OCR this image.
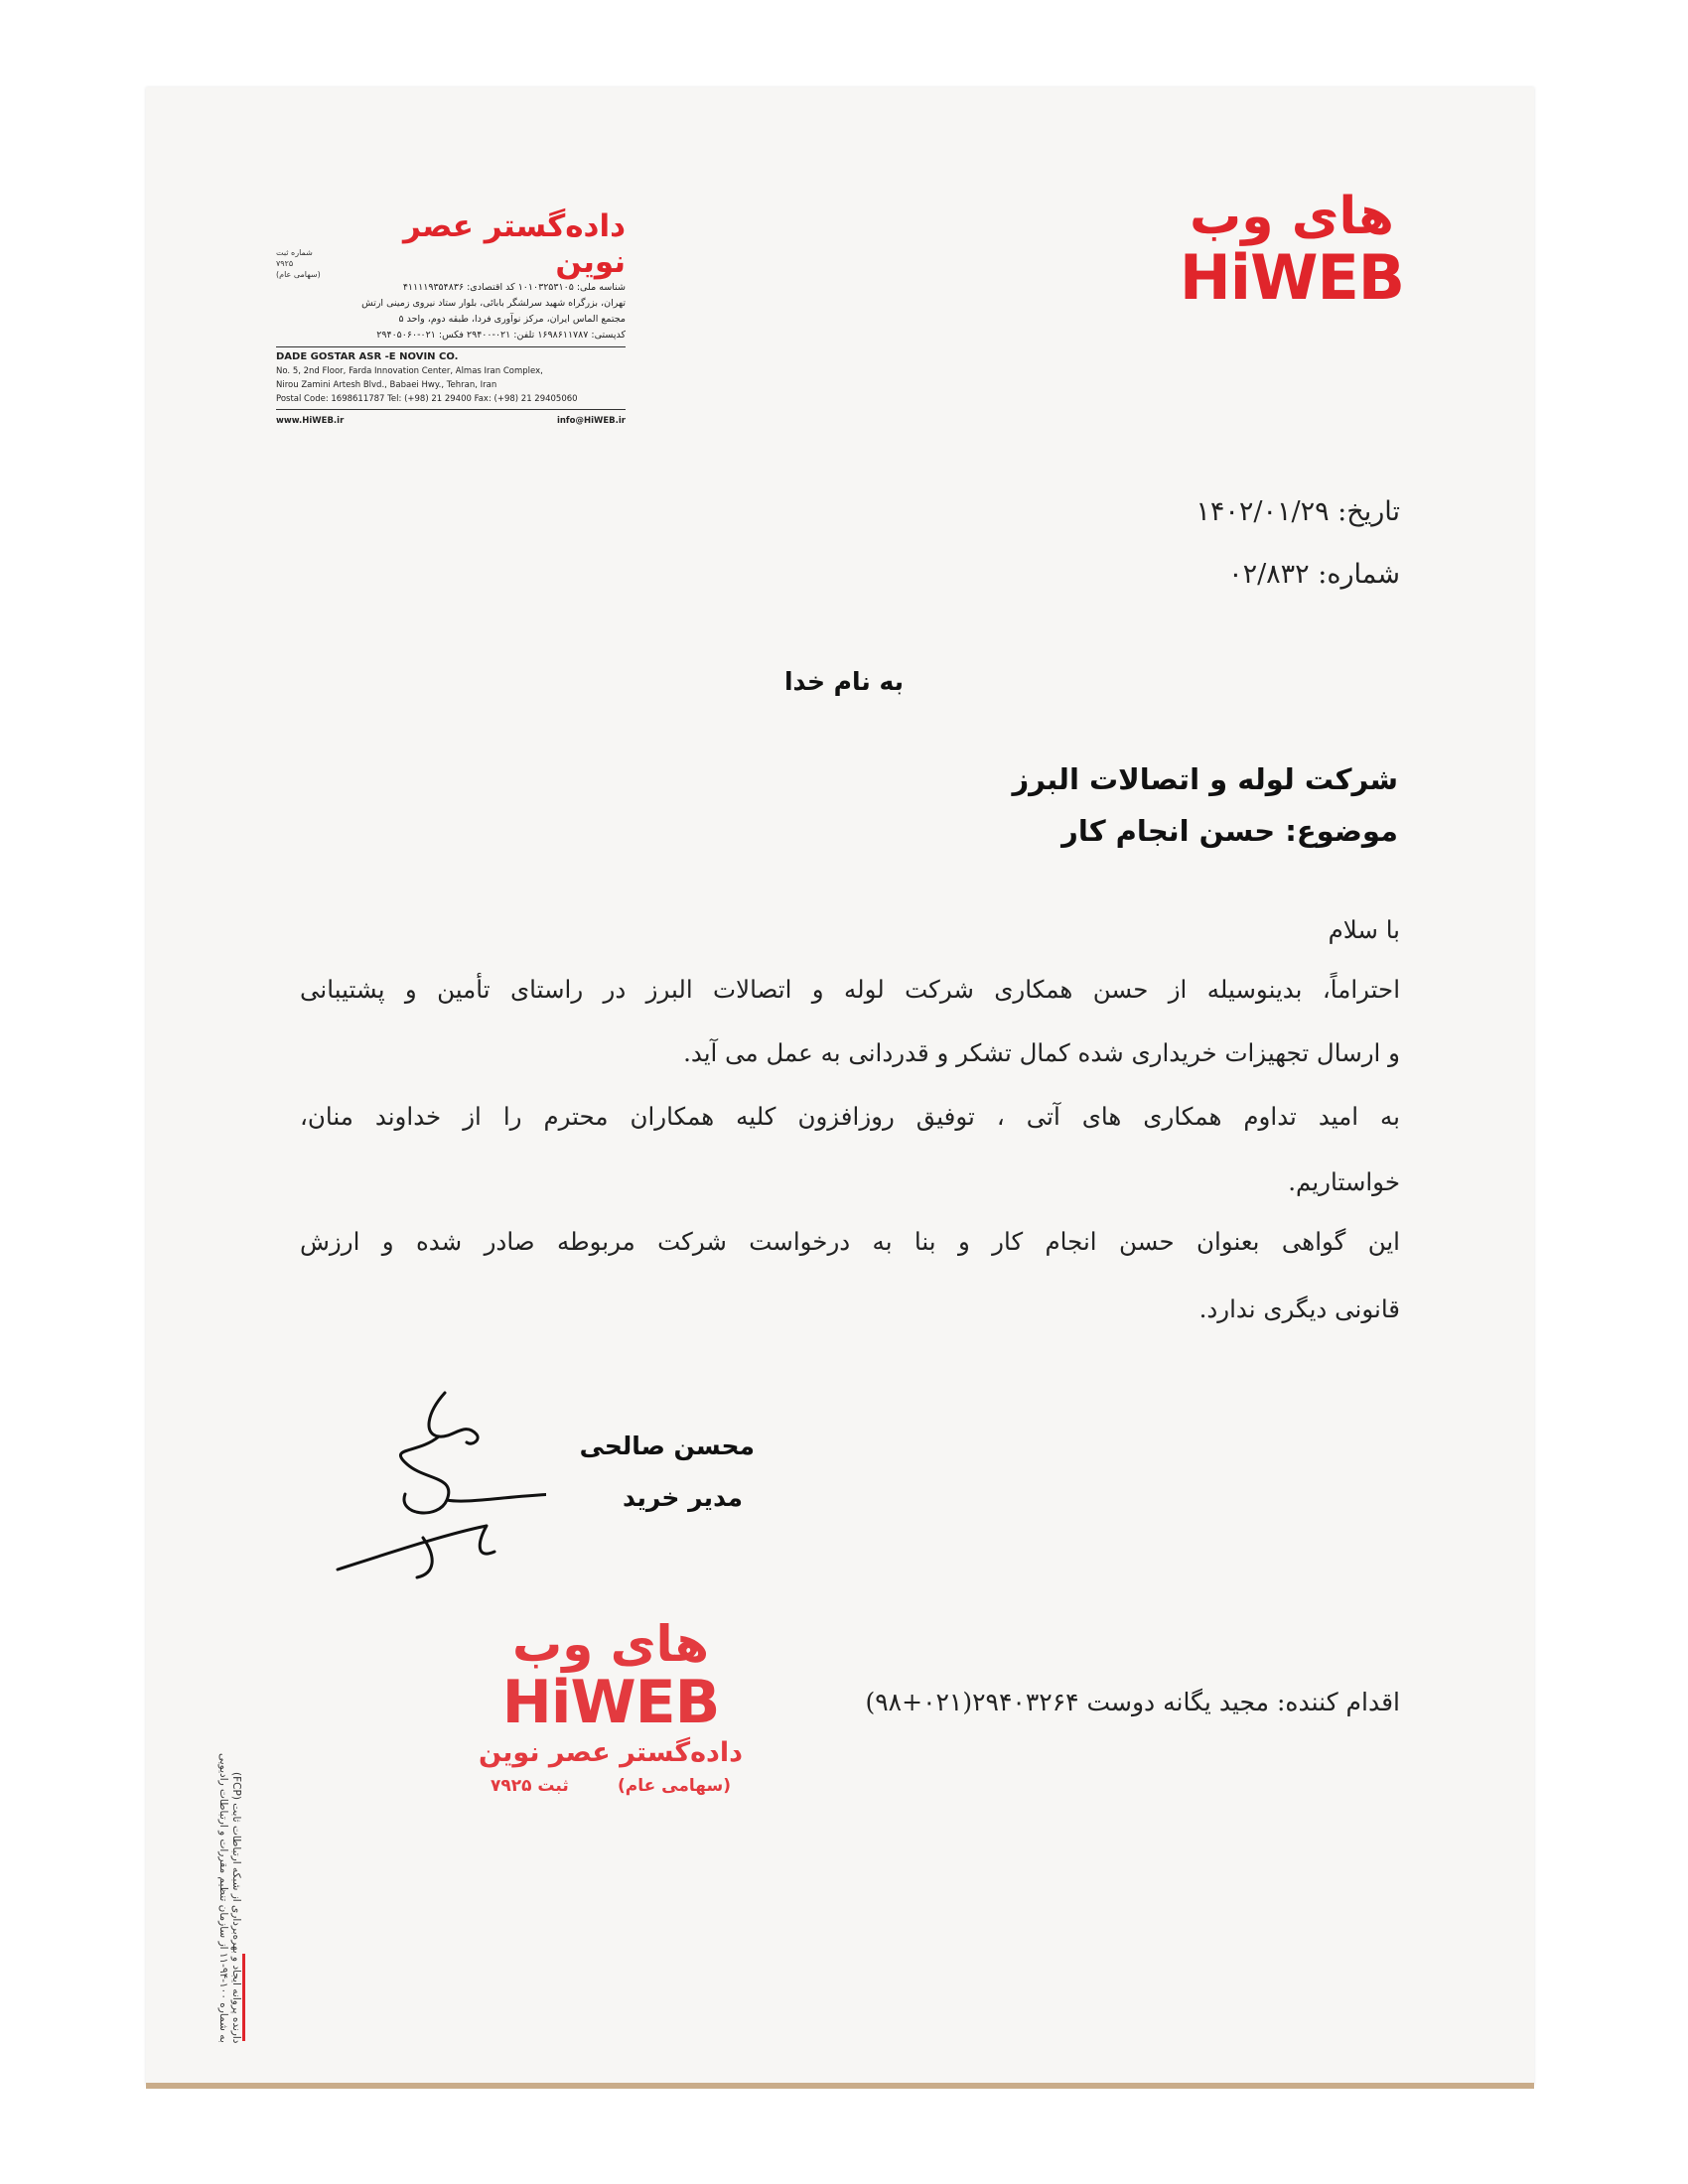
های وب
HiWEB
داده‌گستر عصر نوین
شماره ثبت ۷۹۲۵
(سهامی عام)
شناسه ملی: ۱۰۱۰۳۲۵۳۱۰۵ کد اقتصادی: ۴۱۱۱۱۹۳۵۴۸۳۶
تهران، بزرگراه شهید سرلشگر بابائی، بلوار ستاد نیروی زمینی ارتش
مجتمع الماس ایران، مرکز نوآوری فردا، طبقه دوم، واحد ۵
کدپستی: ۱۶۹۸۶۱۱۷۸۷ تلفن: ۰۲۱-۲۹۴۰۰ فکس: ۰۲۱-۲۹۴۰۵۰۶۰
DADE GOSTAR ASR -E NOVIN CO.
No. 5, 2nd Floor, Farda Innovation Center, Almas Iran Complex,
Nirou Zamini Artesh Blvd., Babaei Hwy., Tehran, Iran
Postal Code: 1698611787 Tel: (+98) 21 29400 Fax: (+98) 21 29405060
www.HiWEB.ir	info@HiWEB.ir
تاریخ: ۱۴۰۲/۰۱/۲۹
شماره: ۰۲/۸۳۲
به نام خدا
شرکت لوله و اتصالات البرز
موضوع: حسن انجام کار
با سلام
احتراماً، بدینوسیله از حسن همکاری شرکت لوله و اتصالات البرز در راستای تأمین و پشتیبانی
و ارسال تجهیزات خریداری شده کمال تشکر و قدردانی به عمل می آید.
به امید تداوم همکاری های آتی ، توفیق روزافزون کلیه همکاران محترم را از خداوند منان،
خواستاریم.
این گواهی بعنوان حسن انجام کار و بنا به درخواست شرکت مربوطه صادر شده و ارزش
قانونی دیگری ندارد.
محسن صالحی
مدیر خرید
های وب
HiWEB
داده‌گستر عصر نوین
(سهامی عام)
ثبت ۷۹۲۵
اقدام کننده: مجید یگانه دوست ۲۹۴۰۳۲۶۴(۰۲۱+۹۸)
دارنده پروانه ایجاد و بهره‌برداری از شبکه ارتباطات ثابت (FCP)
به شماره ۱۰۰-۹۴-۱۱ از سازمان تنظیم مقررات و ارتباطات رادیویی
